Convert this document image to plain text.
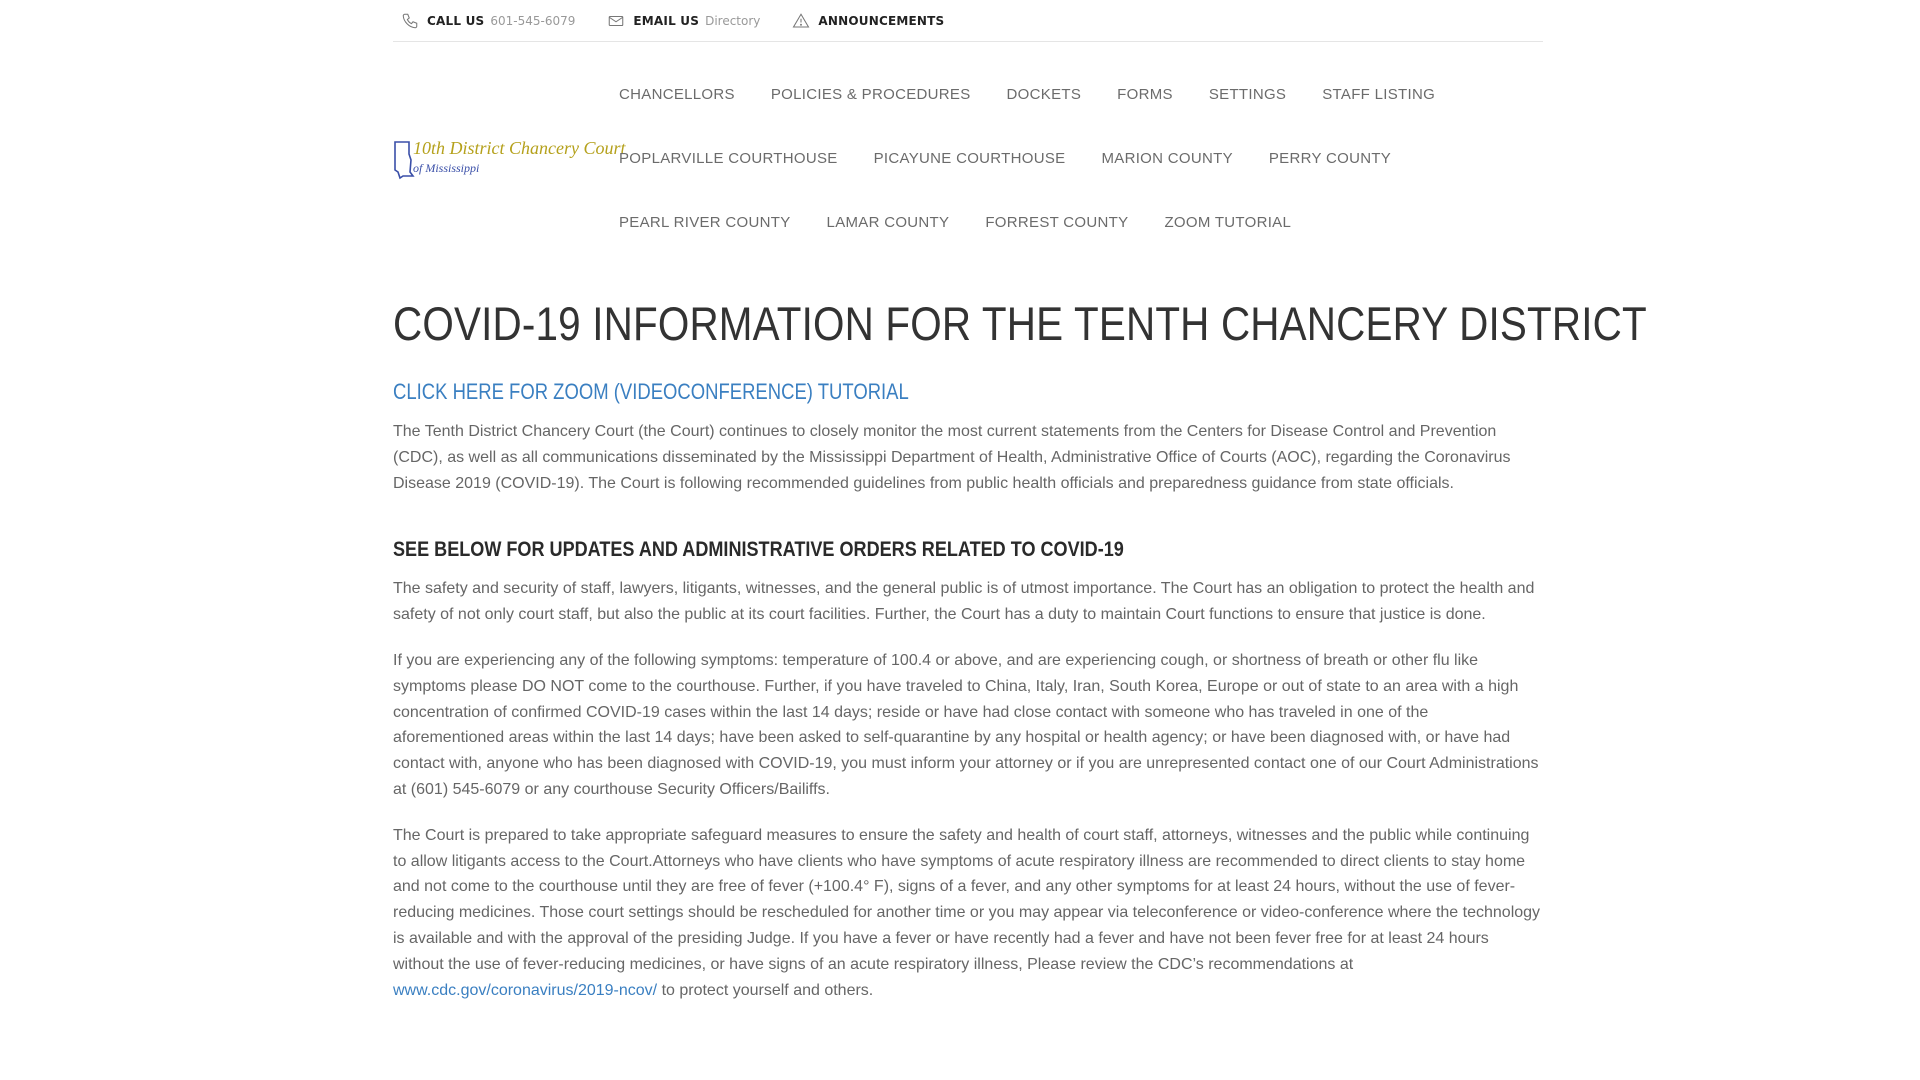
CALL US 601-545-6079	EMAIL US Directory	ANNOUNCEMENTS
10th District Chancery Court
of Mississippi
CHANCELLORS POLICIES & PROCEDURES DOCKETS FORMS SETTINGS STAFF LISTING
POPLARVILLE COURTHOUSE PICAYUNE COURTHOUSE MARION COUNTY PERRY COUNTY
PEARL RIVER COUNTY LAMAR COUNTY FORREST COUNTY ZOOM TUTORIAL
COVID-19 INFORMATION FOR THE TENTH CHANCERY DISTRICT
CLICK HERE FOR ZOOM (VIDEOCONFERENCE) TUTORIAL

The Tenth District Chancery Court (the Court) continues to closely monitor the most current statements from the Centers for Disease Control and Prevention (CDC), as well as all communications disseminated by the Mississippi Department of Health, Administrative Office of Courts (AOC), regarding the Coronavirus Disease 2019 (COVID-19). The Court is following recommended guidelines from public health officials and preparedness guidance from state officials.

SEE BELOW FOR UPDATES AND ADMINISTRATIVE ORDERS RELATED TO COVID-19

The safety and security of staff, lawyers, litigants, witnesses, and the general public is of utmost importance. The Court has an obligation to protect the health and safety of not only court staff, but also the public at its court facilities. Further, the Court has a duty to maintain Court functions to ensure that justice is done.

If you are experiencing any of the following symptoms: temperature of 100.4 or above, and are experiencing cough, or shortness of breath or other flu like symptoms please DO NOT come to the courthouse. Further, if you have traveled to China, Italy, Iran, South Korea, Europe or out of state to an area with a high concentration of confirmed COVID-19 cases within the last 14 days; reside or have had close contact with someone who has traveled in one of the aforementioned areas within the last 14 days; have been asked to self-quarantine by any hospital or health agency; or have been diagnosed with, or have had contact with, anyone who has been diagnosed with COVID-19, you must inform your attorney or if you are unrepresented contact one of our Court Administrations at (601) 545-6079 or any courthouse Security Officers/Bailiffs.

The Court is prepared to take appropriate safeguard measures to ensure the safety and health of court staff, attorneys, witnesses and the public while continuing to allow litigants access to the Court.Attorneys who have clients who have symptoms of acute respiratory illness are recommended to direct clients to stay home and not come to the courthouse until they are free of fever (+100.4° F), signs of a fever, and any other symptoms for at least 24 hours, without the use of fever-reducing medicines. Those court settings should be rescheduled for another time or you may appear via teleconference or video-conference where the technology is available and with the approval of the presiding Judge. If you have a fever or have recently had a fever and have not been fever free for at least 24 hours without the use of fever-reducing medicines, or have signs of an acute respiratory illness, Please review the CDC’s recommendations at www.cdc.gov/coronavirus/2019-ncov/ to protect yourself and others.
